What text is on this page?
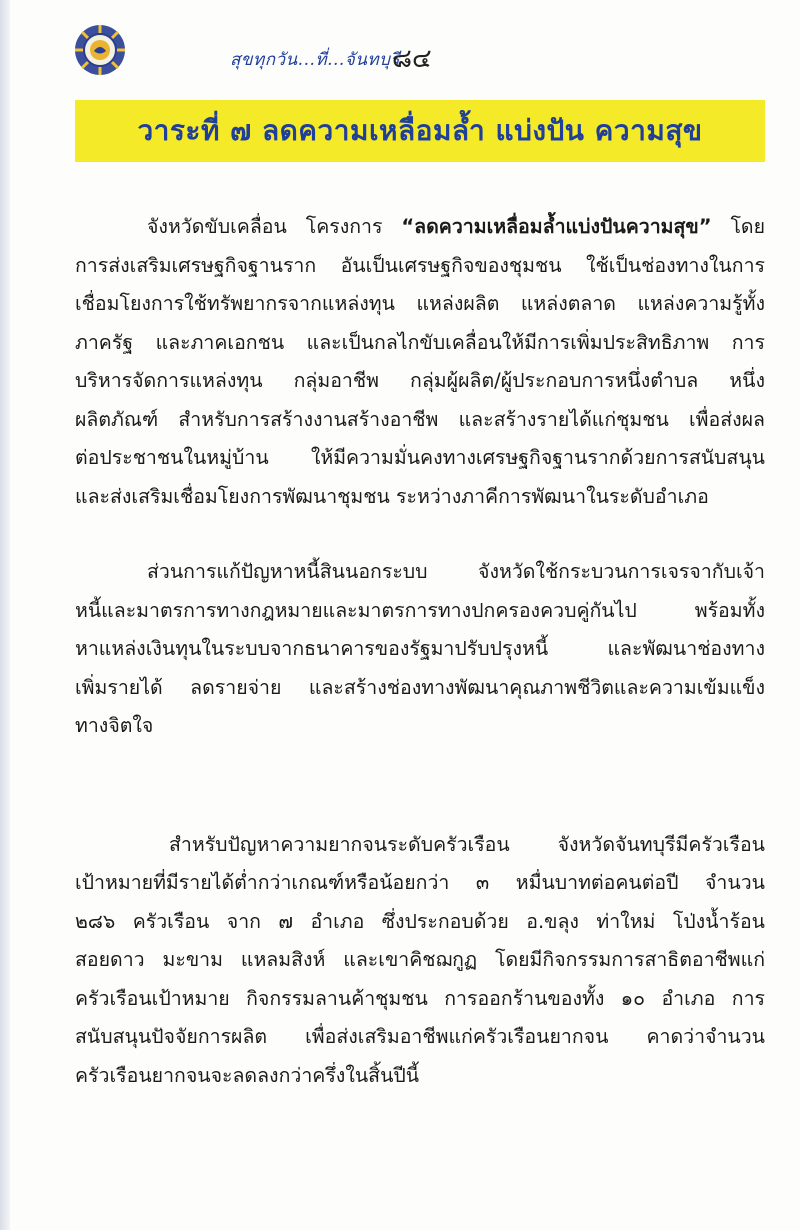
สุขทุกวัน...ที่...จันทบุรี
๘๔
วาระที่ ๗ ลดความเหลื่อมล้ำ แบ่งปัน ความสุข
จังหวัดขับเคลื่อน โครงการ “ลดความเหลื่อมล้ำแบ่งปันความสุข” โดย
การส่งเสริมเศรษฐกิจฐานราก อันเป็นเศรษฐกิจของชุมชน ใช้เป็นช่องทางในการ
เชื่อมโยงการใช้ทรัพยากรจากแหล่งทุน แหล่งผลิต แหล่งตลาด แหล่งความรู้ทั้ง
ภาครัฐ และภาคเอกชน และเป็นกลไกขับเคลื่อนให้มีการเพิ่มประสิทธิภาพ การ
บริหารจัดการแหล่งทุน กลุ่มอาชีพ กลุ่มผู้ผลิต/ผู้ประกอบการหนึ่งตำบล หนึ่ง
ผลิตภัณฑ์ สำหรับการสร้างงานสร้างอาชีพ และสร้างรายได้แก่ชุมชน เพื่อส่งผล
ต่อประชาชนในหมู่บ้าน ให้มีความมั่นคงทางเศรษฐกิจฐานรากด้วยการสนับสนุน
และส่งเสริมเชื่อมโยงการพัฒนาชุมชน ระหว่างภาคีการพัฒนาในระดับอำเภอ
ส่วนการแก้ปัญหาหนี้สินนอกระบบ จังหวัดใช้กระบวนการเจรจากับเจ้า
หนี้และมาตรการทางกฎหมายและมาตรการทางปกครองควบคู่กันไป พร้อมทั้ง
หาแหล่งเงินทุนในระบบจากธนาคารของรัฐมาปรับปรุงหนี้ และพัฒนาช่องทาง
เพิ่มรายได้ ลดรายจ่าย และสร้างช่องทางพัฒนาคุณภาพชีวิตและความเข้มแข็ง
ทางจิตใจ
สำหรับปัญหาความยากจนระดับครัวเรือน จังหวัดจันทบุรีมีครัวเรือน
เป้าหมายที่มีรายได้ต่ำกว่าเกณฑ์หรือน้อยกว่า ๓ หมื่นบาทต่อคนต่อปี จำนวน
๒๘๖ ครัวเรือน จาก ๗ อำเภอ ซึ่งประกอบด้วย อ.ขลุง ท่าใหม่ โป่งน้ำร้อน
สอยดาว มะขาม แหลมสิงห์ และเขาคิชฌกูฏ โดยมีกิจกรรมการสาธิตอาชีพแก่
ครัวเรือนเป้าหมาย กิจกรรมลานค้าชุมชน การออกร้านของทั้ง ๑๐ อำเภอ การ
สนับสนุนปัจจัยการผลิต เพื่อส่งเสริมอาชีพแก่ครัวเรือนยากจน คาดว่าจำนวน
ครัวเรือนยากจนจะลดลงกว่าครึ่งในสิ้นปีนี้
